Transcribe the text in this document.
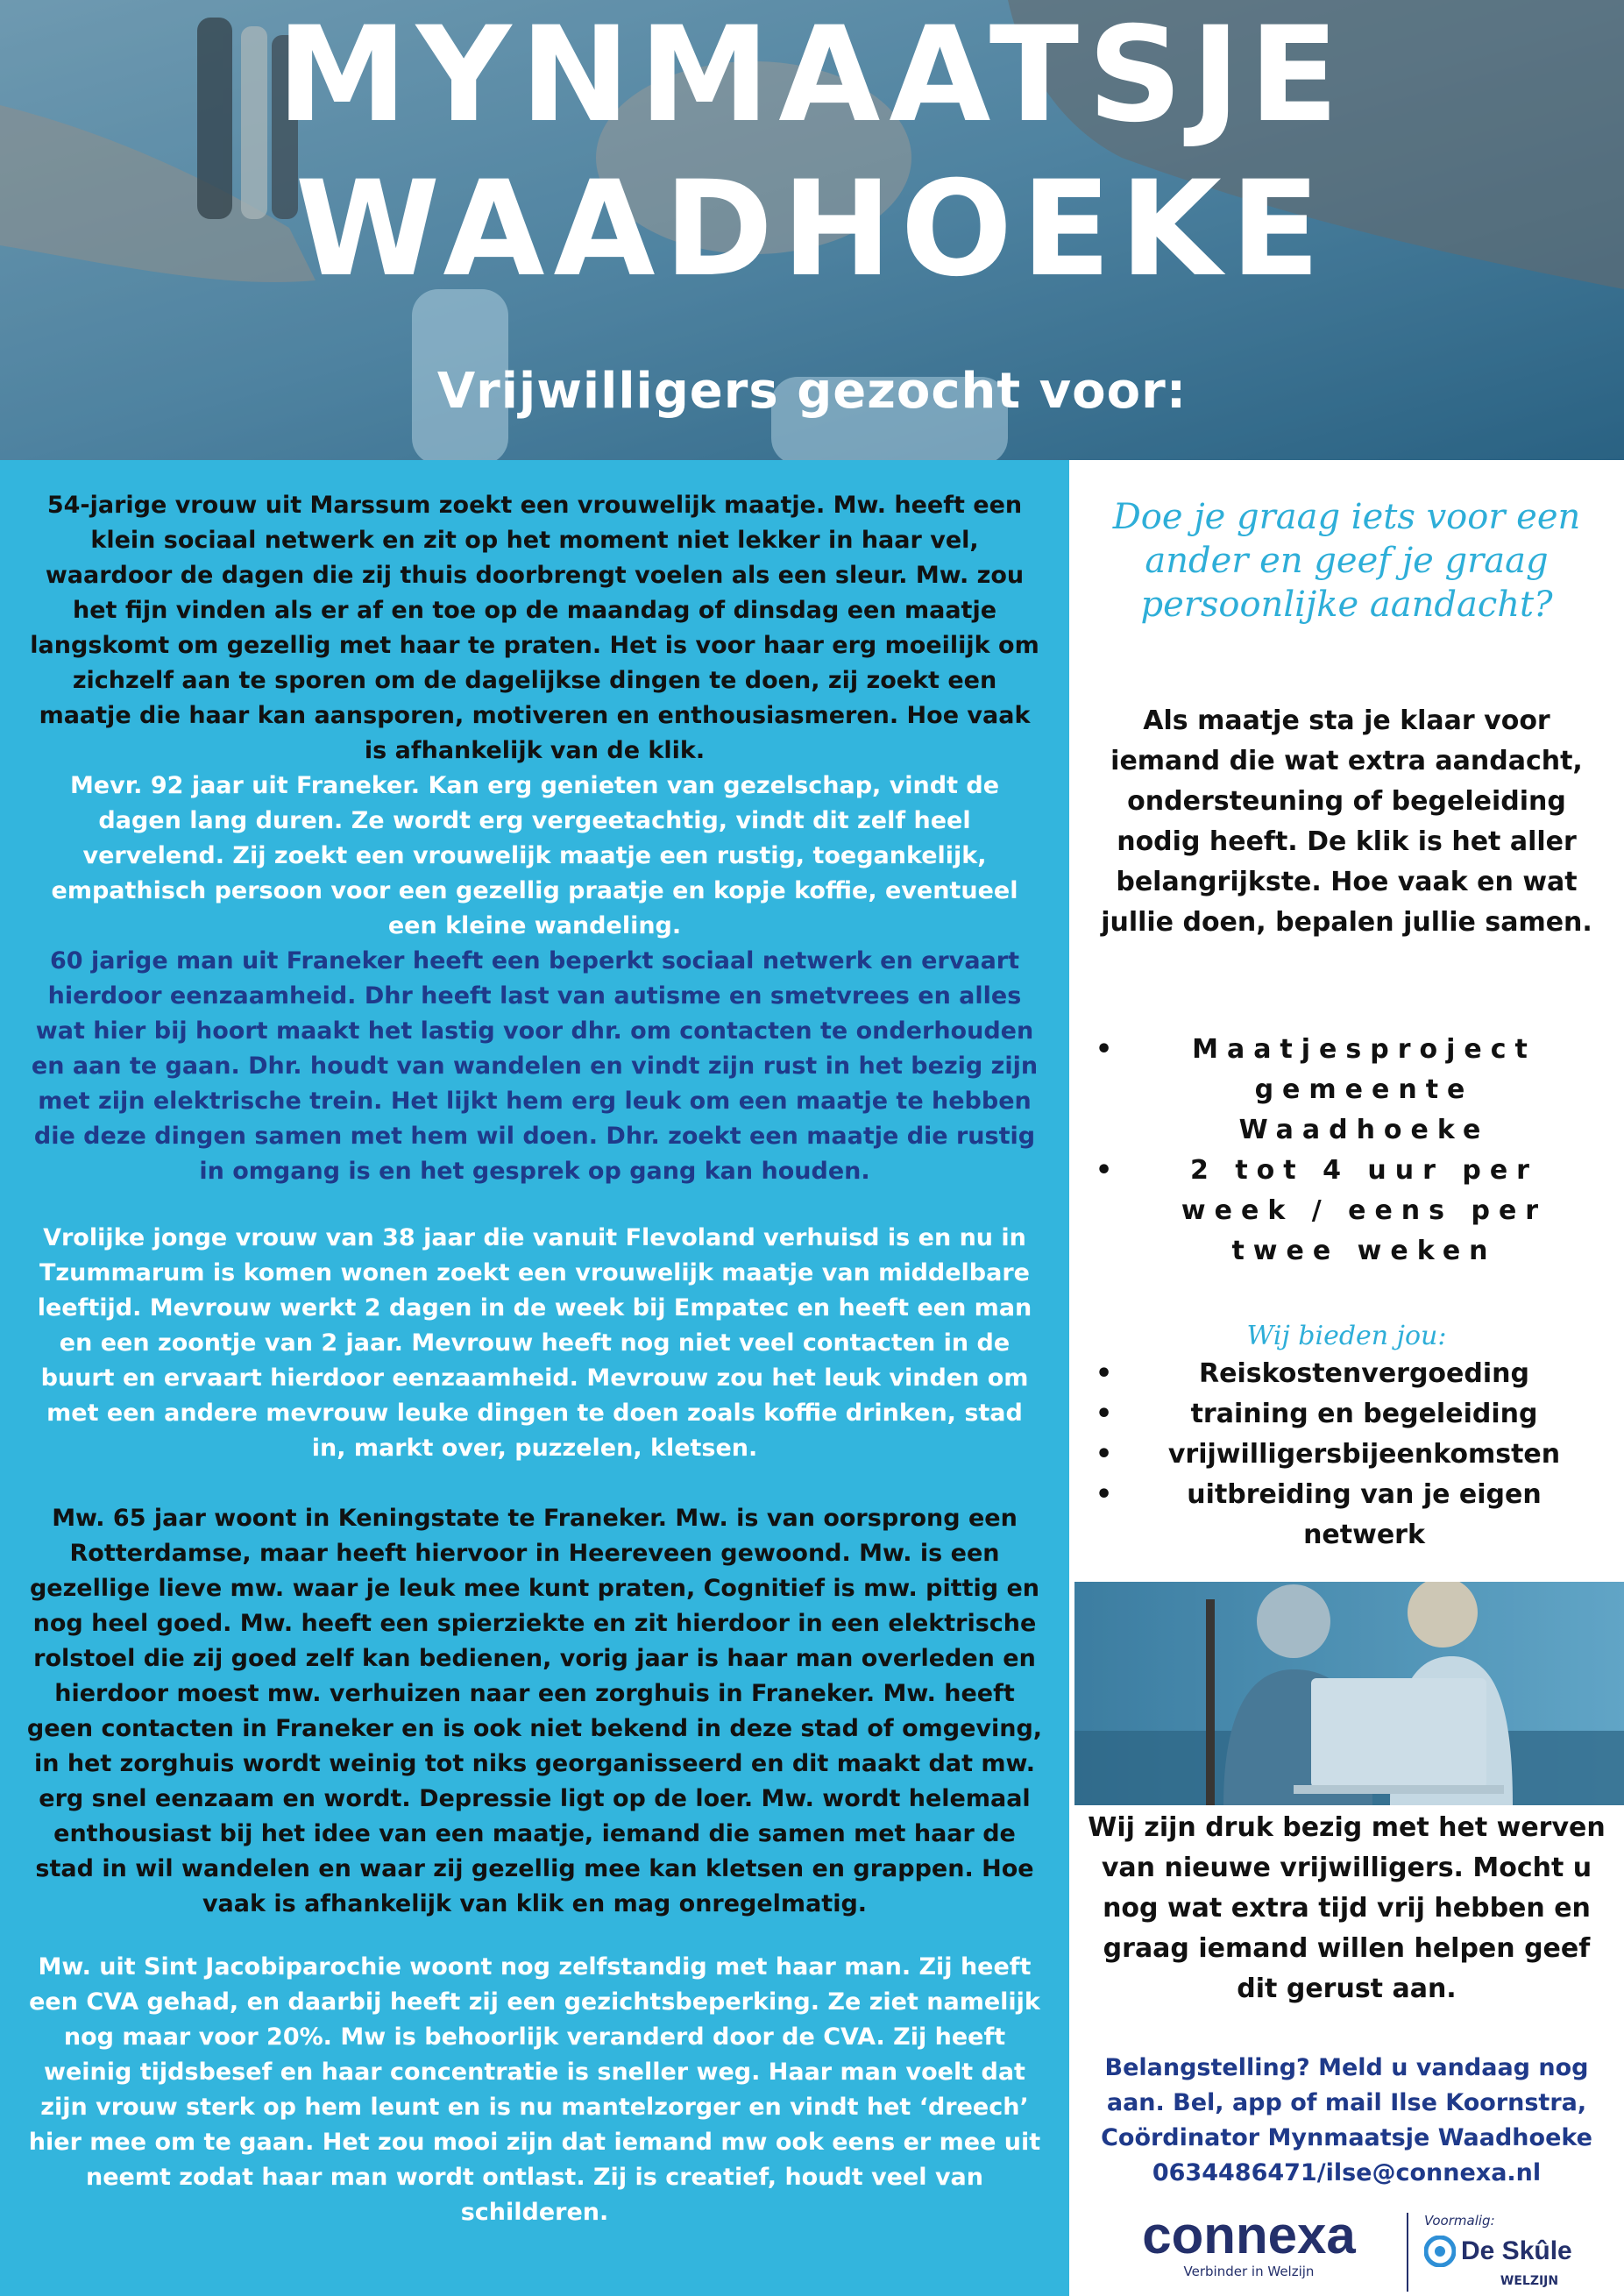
MYNMAATSJE
WAADHOEKE
Vrijwilligers gezocht voor:
54-jarige vrouw uit Marssum zoekt een vrouwelijk maatje. Mw. heeft een klein sociaal netwerk en zit op het moment niet lekker in haar vel, waardoor de dagen die zij thuis doorbrengt voelen als een sleur. Mw. zou het fijn vinden als er af en toe op de maandag of dinsdag een maatje langskomt om gezellig met haar te praten. Het is voor haar erg moeilijk om zichzelf aan te sporen om de dagelijkse dingen te doen, zij zoekt een maatje die haar kan aansporen, motiveren en enthousiasmeren. Hoe vaak is afhankelijk van de klik.
Mevr. 92 jaar uit Franeker. Kan erg genieten van gezelschap, vindt de dagen lang duren. Ze wordt erg vergeetachtig, vindt dit zelf heel vervelend. Zij zoekt een vrouwelijk maatje een rustig, toegankelijk, empathisch persoon voor een gezellig praatje en kopje koffie, eventueel een kleine wandeling.
60 jarige man uit Franeker heeft een beperkt sociaal netwerk en ervaart hierdoor eenzaamheid. Dhr heeft last van autisme en smetvrees en alles wat hier bij hoort maakt het lastig voor dhr. om contacten te onderhouden en aan te gaan. Dhr. houdt van wandelen en vindt zijn rust in het bezig zijn met zijn elektrische trein. Het lijkt hem erg leuk om een maatje te hebben die deze dingen samen met hem wil doen. Dhr. zoekt een maatje die rustig in omgang is en het gesprek op gang kan houden.
Vrolijke jonge vrouw van 38 jaar die vanuit Flevoland verhuisd is en nu in Tzummarum is komen wonen zoekt een vrouwelijk maatje van middelbare leeftijd. Mevrouw werkt 2 dagen in de week bij Empatec en heeft een man en een zoontje van 2 jaar. Mevrouw heeft nog niet veel contacten in de buurt en ervaart hierdoor eenzaamheid. Mevrouw zou het leuk vinden om met een andere mevrouw leuke dingen te doen zoals koffie drinken, stad in, markt over, puzzelen, kletsen.
Mw. 65 jaar woont in Keningstate te Franeker. Mw. is van oorsprong een Rotterdamse, maar heeft hiervoor in Heereveen gewoond. Mw. is een gezellige lieve mw. waar je leuk mee kunt praten, Cognitief is mw. pittig en nog heel goed. Mw. heeft een spierziekte en zit hierdoor in een elektrische rolstoel die zij goed zelf kan bedienen, vorig jaar is haar man overleden en hierdoor moest mw. verhuizen naar een zorghuis in Franeker. Mw. heeft geen contacten in Franeker en is ook niet bekend in deze stad of omgeving, in het zorghuis wordt weinig tot niks georganisseerd en dit maakt dat mw. erg snel eenzaam en wordt. Depressie ligt op de loer. Mw. wordt helemaal enthousiast bij het idee van een maatje, iemand die samen met haar de stad in wil wandelen en waar zij gezellig mee kan kletsen en grappen. Hoe vaak is afhankelijk van klik en mag onregelmatig.
Mw. uit Sint Jacobiparochie woont nog zelfstandig met haar man. Zij heeft een CVA gehad, en daarbij heeft zij een gezichtsbeperking. Ze ziet namelijk nog maar voor 20%. Mw is behoorlijk veranderd door de CVA. Zij heeft weinig tijdsbesef en haar concentratie is sneller weg. Haar man voelt dat zijn vrouw sterk op hem leunt en is nu mantelzorger en vindt het ‘dreech’ hier mee om te gaan. Het zou mooi zijn dat iemand mw ook eens er mee uit neemt zodat haar man wordt ontlast. Zij is creatief, houdt veel van schilderen.
Doe je graag iets voor een ander en geef je graag persoonlijke aandacht?
Als maatje sta je klaar voor iemand die wat extra aandacht, ondersteuning of begeleiding nodig heeft. De klik is het aller belangrijkste. Hoe vaak en wat jullie doen, bepalen jullie samen.
•	Maatjesproject gemeente Waadhoeke
•	2 tot 4 uur per week / eens per twee weken
Wij bieden jou:
•	Reiskostenvergoeding
•	training en begeleiding
• vrijwilligersbijeenkomsten
•	uitbreiding van je eigen netwerk
Wij zijn druk bezig met het werven van nieuwe vrijwilligers. Mocht u nog wat extra tijd vrij hebben en graag iemand willen helpen geef dit gerust aan.
Belangstelling? Meld u vandaag nog aan. Bel, app of mail Ilse Koornstra, Coördinator Mynmaatsje Waadhoeke 0634486471/ilse@connexa.nl
connexa
Verbinder in Welzijn
Voormalig:
De Skûle
WELZIJN
